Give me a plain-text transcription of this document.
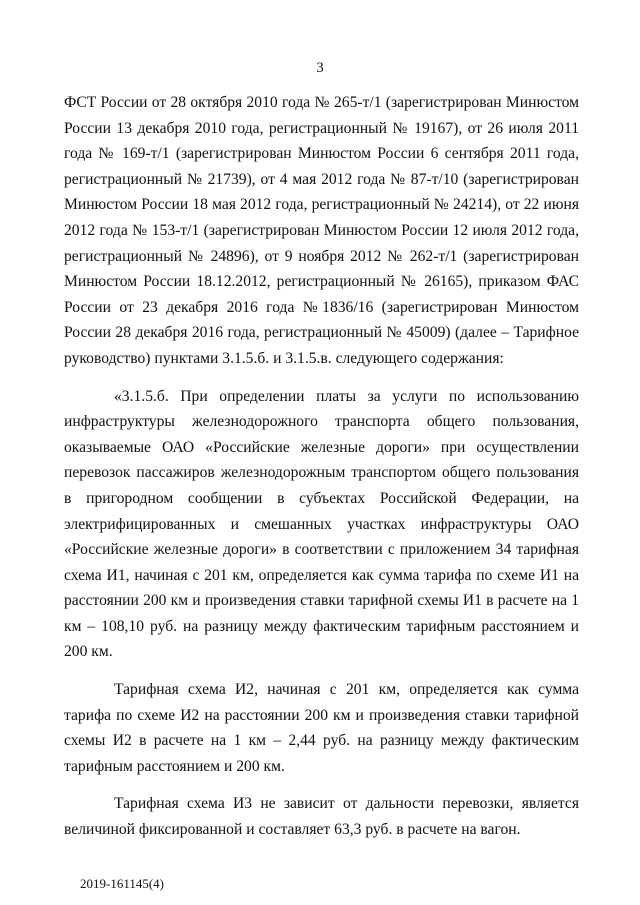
3

ФСТ России от 28 октября 2010 года № 265-т/1 (зарегистрирован Минюстом России 13 декабря 2010 года, регистрационный № 19167), от 26 июля 2011 года № 169-т/1 (зарегистрирован Минюстом России 6 сентября 2011 года, регистрационный № 21739), от 4 мая 2012 года № 87-т/10 (зарегистрирован Минюстом России 18 мая 2012 года, регистрационный № 24214), от 22 июня 2012 года № 153-т/1 (зарегистрирован Минюстом России 12 июля 2012 года, регистрационный № 24896), от 9 ноября 2012 № 262-т/1 (зарегистрирован Минюстом России 18.12.2012, регистрационный № 26165), приказом ФАС России от 23 декабря 2016 года №1836/16 (зарегистрирован Минюстом России 28 декабря 2016 года, регистрационный № 45009) (далее – Тарифное руководство) пунктами 3.1.5.б. и 3.1.5.в. следующего содержания:

«3.1.5.б. При определении платы за услуги по использованию инфраструктуры железнодорожного транспорта общего пользования, оказываемые ОАО «Российские железные дороги» при осуществлении перевозок пассажиров железнодорожным транспортом общего пользования в пригородном сообщении в субъектах Российской Федерации, на электрифицированных и смешанных участках инфраструктуры ОАО «Российские железные дороги» в соответствии с приложением 34 тарифная схема И1, начиная с 201 км, определяется как сумма тарифа по схеме И1 на расстоянии 200 км и произведения ставки тарифной схемы И1 в расчете на 1 км – 108,10 руб. на разницу между фактическим тарифным расстоянием и 200 км.

Тарифная схема И2, начиная с 201 км, определяется как сумма тарифа по схеме И2 на расстоянии 200 км и произведения ставки тарифной схемы И2 в расчете на 1 км – 2,44 руб. на разницу между фактическим тарифным расстоянием и 200 км.

Тарифная схема И3 не зависит от дальности перевозки, является величиной фиксированной и составляет 63,3 руб. в расчете на вагон.

2019-161145(4)
